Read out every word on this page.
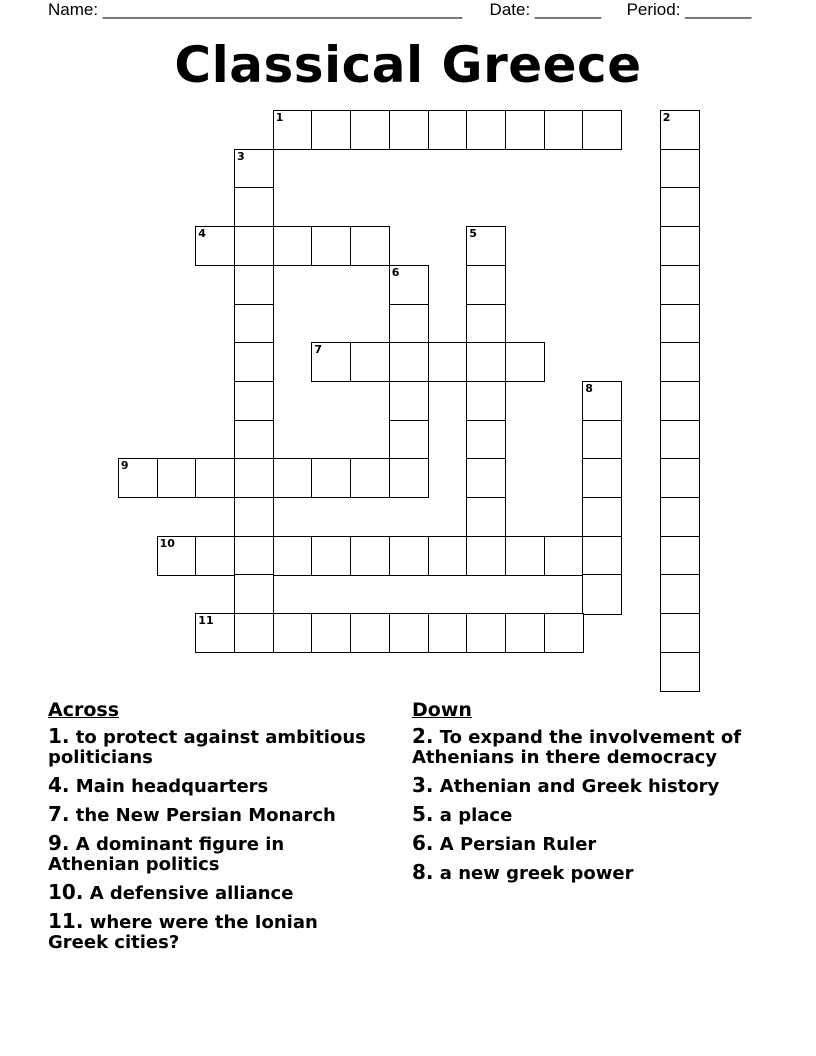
Name: ______________________________________ Date: _______ Period: _______
Classical Greece
1	2
3
4	5
6
7
8
9
10
11
Across
1. to protect against ambitious politicians
4. Main headquarters
7. the New Persian Monarch
9. A dominant figure in Athenian politics
10. A defensive alliance
11. where were the Ionian Greek cities?
Down
2. To expand the involvement of Athenians in there democracy
3. Athenian and Greek history
5. a place
6. A Persian Ruler
8. a new greek power
